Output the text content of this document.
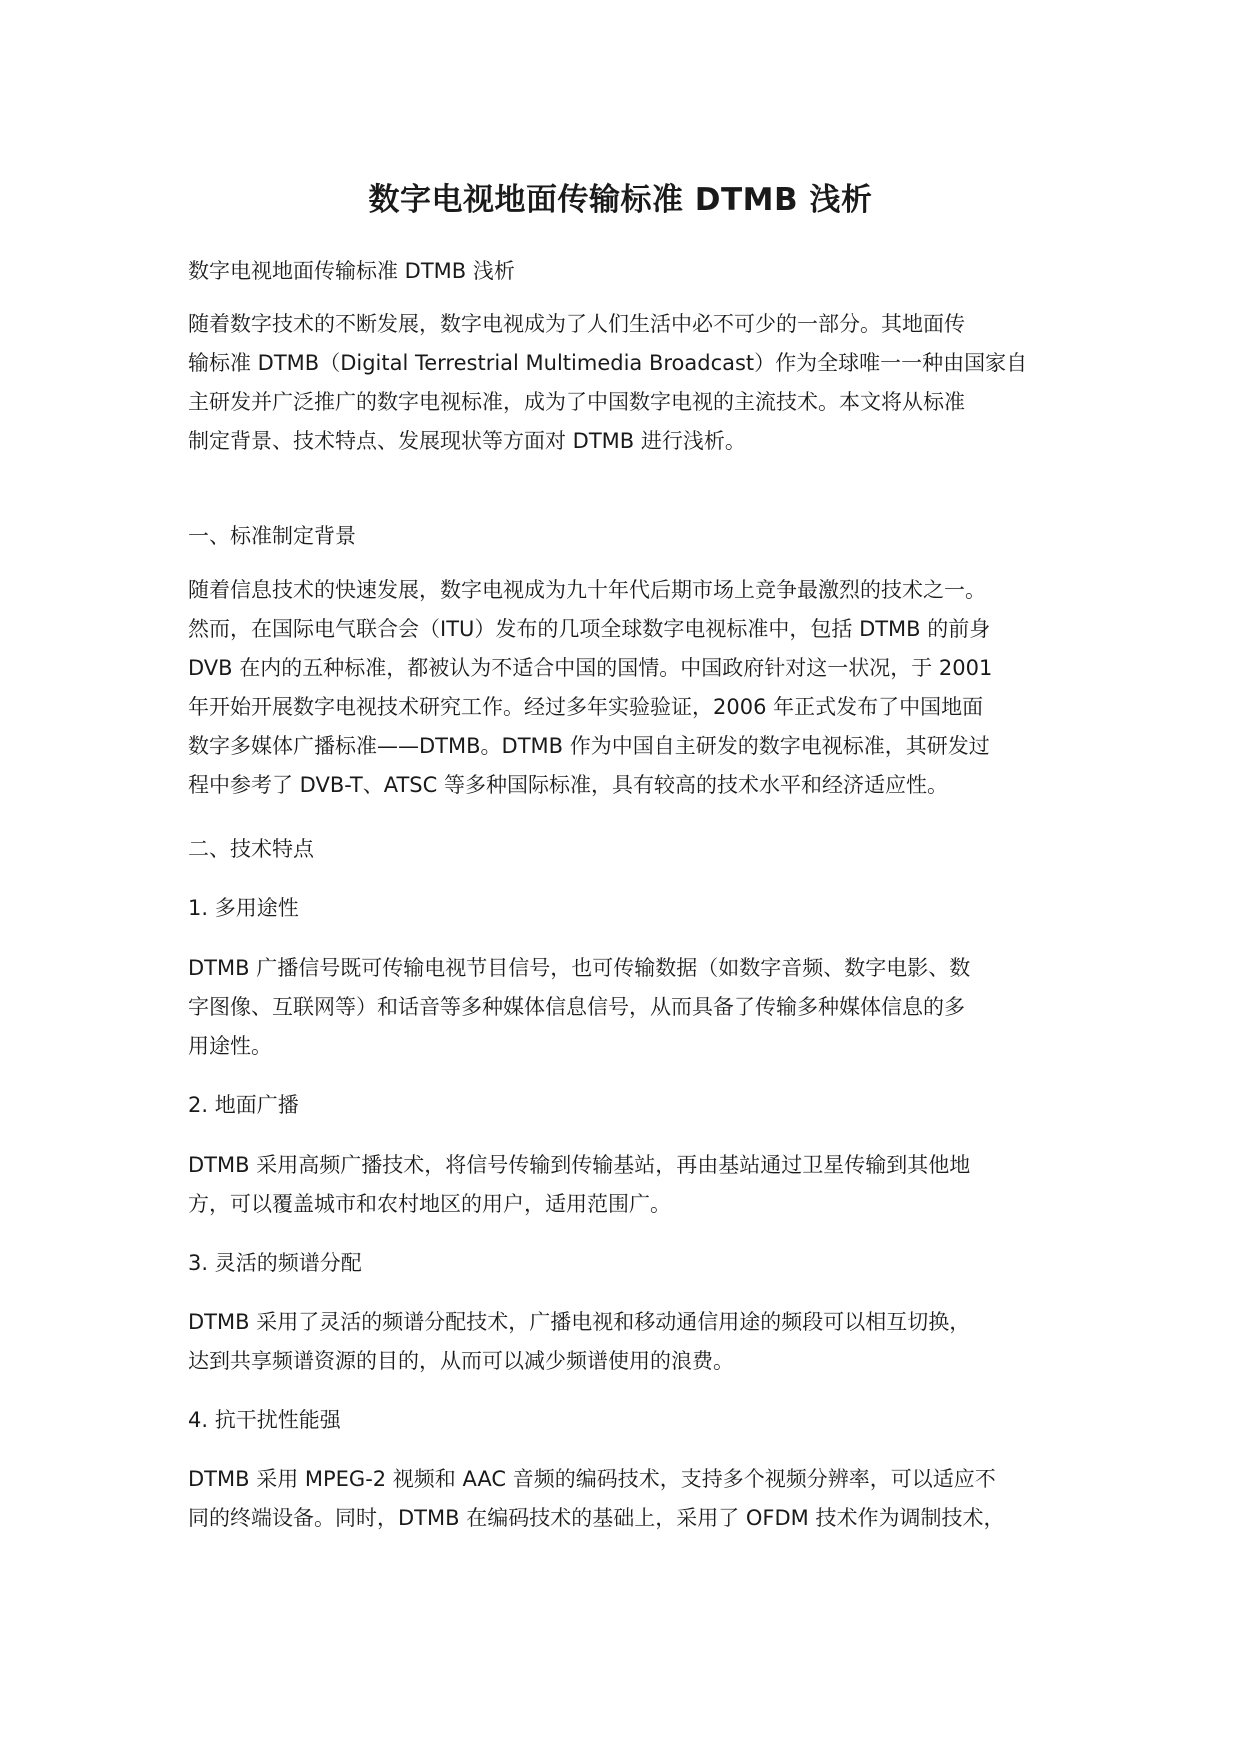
数字电视地面传输标准 DTMB 浅析
数字电视地面传输标准 DTMB 浅析
随着数字技术的不断发展，数字电视成为了人们生活中必不可少的一部分。其地面传
输标准 DTMB（Digital Terrestrial Multimedia Broadcast）作为全球唯一一种由国家自
主研发并广泛推广的数字电视标准，成为了中国数字电视的主流技术。本文将从标准
制定背景、技术特点、发展现状等方面对 DTMB 进行浅析。
一、标准制定背景
随着信息技术的快速发展，数字电视成为九十年代后期市场上竞争最激烈的技术之一。
然而，在国际电气联合会（ITU）发布的几项全球数字电视标准中，包括 DTMB 的前身
DVB 在内的五种标准，都被认为不适合中国的国情。中国政府针对这一状况，于 2001
年开始开展数字电视技术研究工作。经过多年实验验证，2006 年正式发布了中国地面
数字多媒体广播标准——DTMB。DTMB 作为中国自主研发的数字电视标准，其研发过
程中参考了 DVB-T、ATSC 等多种国际标准，具有较高的技术水平和经济适应性。
二、技术特点
1. 多用途性
DTMB 广播信号既可传输电视节目信号，也可传输数据（如数字音频、数字电影、数
字图像、互联网等）和话音等多种媒体信息信号，从而具备了传输多种媒体信息的多
用途性。
2. 地面广播
DTMB 采用高频广播技术，将信号传输到传输基站，再由基站通过卫星传输到其他地
方，可以覆盖城市和农村地区的用户，适用范围广。
3. 灵活的频谱分配
DTMB 采用了灵活的频谱分配技术，广播电视和移动通信用途的频段可以相互切换，
达到共享频谱资源的目的，从而可以减少频谱使用的浪费。
4. 抗干扰性能强
DTMB 采用 MPEG-2 视频和 AAC 音频的编码技术，支持多个视频分辨率，可以适应不
同的终端设备。同时，DTMB 在编码技术的基础上，采用了 OFDM 技术作为调制技术，
